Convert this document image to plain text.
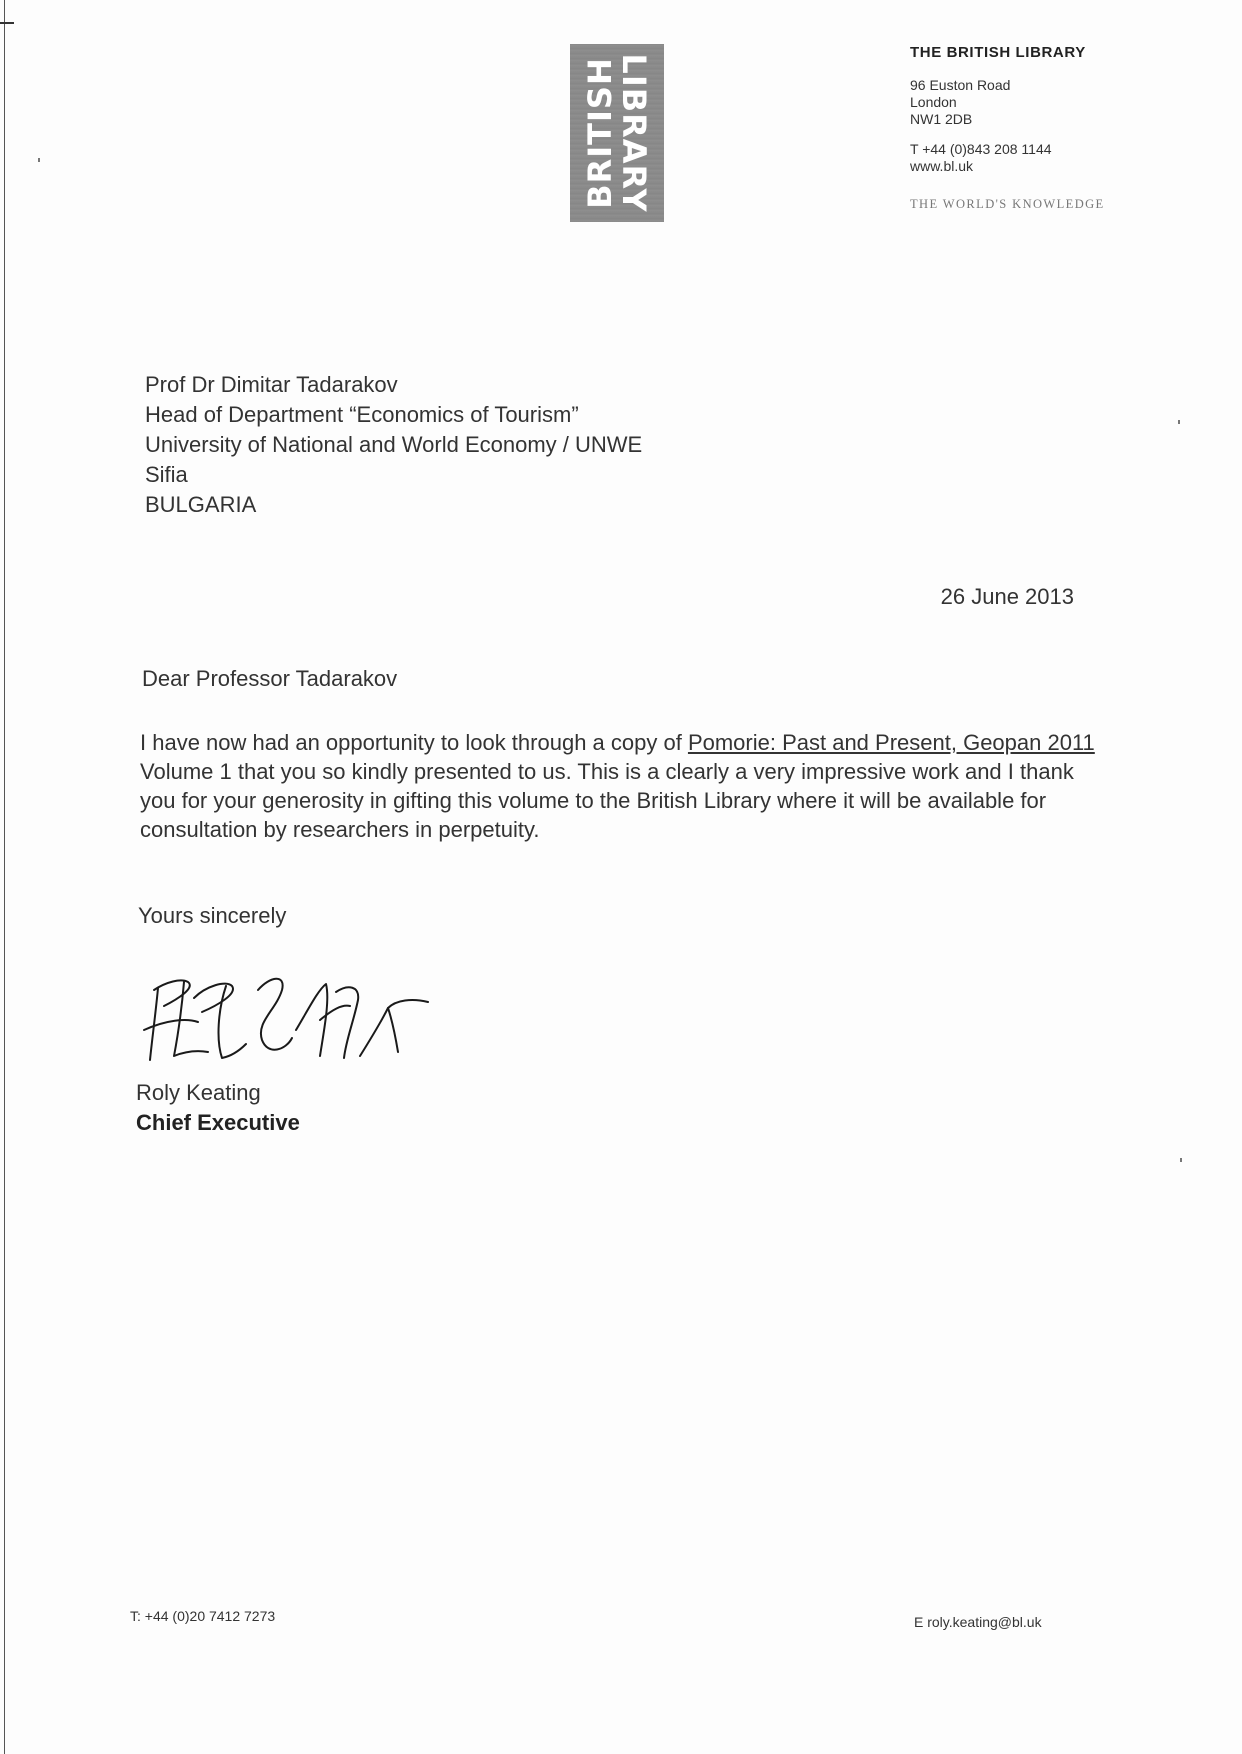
LIBRARY
BRITISH
THE BRITISH LIBRARY
96 Euston Road
London
NW1 2DB
T +44 (0)843 208 1144
www.bl.uk
THE WORLD'S KNOWLEDGE
Prof Dr Dimitar Tadarakov
Head of Department “Economics of Tourism”
University of National and World Economy / UNWE
Sifia
BULGARIA
26 June 2013
Dear Professor Tadarakov
I have now had an opportunity to look through a copy of Pomorie: Past and Present, Geopan 2011 Volume 1 that you so kindly presented to us. This is a clearly a very impressive work and I thank you for your generosity in gifting this volume to the British Library where it will be available for consultation by researchers in perpetuity.
Yours sincerely
Roly Keating
Chief Executive
T: +44 (0)20 7412 7273	E roly.keating@bl.uk
